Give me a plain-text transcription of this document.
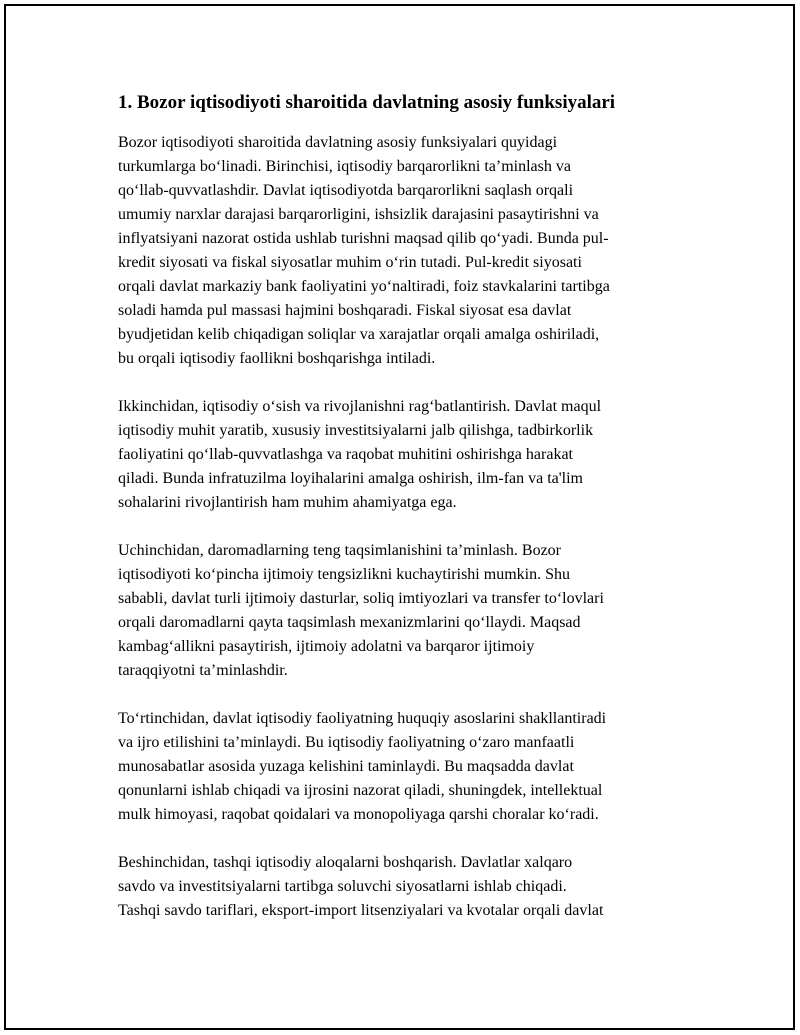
1. Bozor iqtisodiyoti sharoitida davlatning asosiy funksiyalari
Bozor iqtisodiyoti sharoitida davlatning asosiy funksiyalari quyidagi
turkumlarga bo‘linadi. Birinchisi, iqtisodiy barqarorlikni ta’minlash va
qo‘llab-quvvatlashdir. Davlat iqtisodiyotda barqarorlikni saqlash orqali
umumiy narxlar darajasi barqarorligini, ishsizlik darajasini pasaytirishni va
inflyatsiyani nazorat ostida ushlab turishni maqsad qilib qo‘yadi. Bunda pul-
kredit siyosati va fiskal siyosatlar muhim o‘rin tutadi. Pul-kredit siyosati
orqali davlat markaziy bank faoliyatini yo‘naltiradi, foiz stavkalarini tartibga
soladi hamda pul massasi hajmini boshqaradi. Fiskal siyosat esa davlat
byudjetidan kelib chiqadigan soliqlar va xarajatlar orqali amalga oshiriladi,
bu orqali iqtisodiy faollikni boshqarishga intiladi.
Ikkinchidan, iqtisodiy o‘sish va rivojlanishni rag‘batlantirish. Davlat maqul
iqtisodiy muhit yaratib, xususiy investitsiyalarni jalb qilishga, tadbirkorlik
faoliyatini qo‘llab-quvvatlashga va raqobat muhitini oshirishga harakat
qiladi. Bunda infratuzilma loyihalarini amalga oshirish, ilm-fan va ta'lim
sohalarini rivojlantirish ham muhim ahamiyatga ega.
Uchinchidan, daromadlarning teng taqsimlanishini ta’minlash. Bozor
iqtisodiyoti ko‘pincha ijtimoiy tengsizlikni kuchaytirishi mumkin. Shu
sababli, davlat turli ijtimoiy dasturlar, soliq imtiyozlari va transfer to‘lovlari
orqali daromadlarni qayta taqsimlash mexanizmlarini qo‘llaydi. Maqsad
kambag‘allikni pasaytirish, ijtimoiy adolatni va barqaror ijtimoiy
taraqqiyotni ta’minlashdir.
To‘rtinchidan, davlat iqtisodiy faoliyatning huquqiy asoslarini shakllantiradi
va ijro etilishini ta’minlaydi. Bu iqtisodiy faoliyatning o‘zaro manfaatli
munosabatlar asosida yuzaga kelishini taminlaydi. Bu maqsadda davlat
qonunlarni ishlab chiqadi va ijrosini nazorat qiladi, shuningdek, intellektual
mulk himoyasi, raqobat qoidalari va monopoliyaga qarshi choralar ko‘radi.
Beshinchidan, tashqi iqtisodiy aloqalarni boshqarish. Davlatlar xalqaro
savdo va investitsiyalarni tartibga soluvchi siyosatlarni ishlab chiqadi.
Tashqi savdo tariflari, eksport-import litsenziyalari va kvotalar orqali davlat
